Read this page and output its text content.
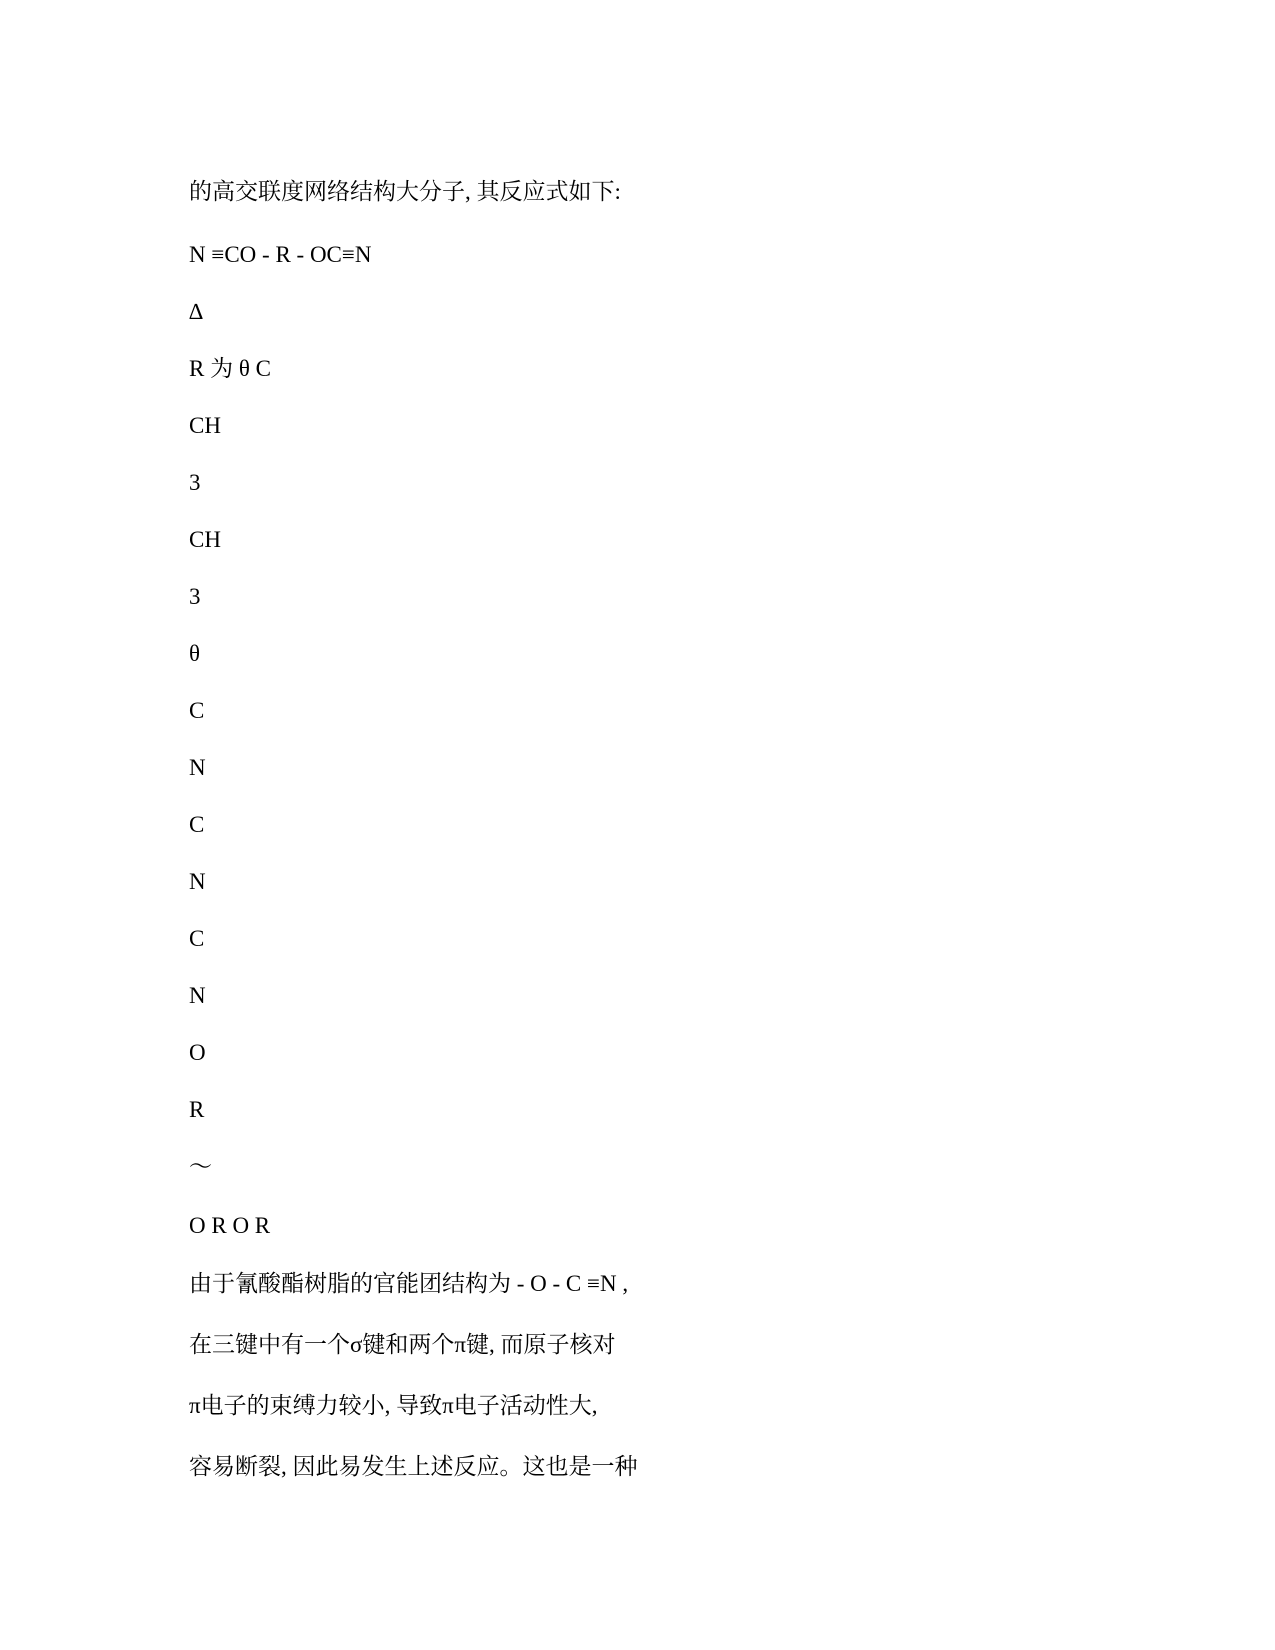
的高交联度网络结构大分子, 其反应式如下:
N ≡CO - R - OC≡N
∆
R 为 θ C
CH
3
CH
3
θ
C
N
C
N
C
N
O
R
～
O R O R
由于氰酸酯树脂的官能团结构为 - O - C ≡N ,
在三键中有一个σ键和两个π键, 而原子核对
π电子的束缚力较小, 导致π电子活动性大,
容易断裂, 因此易发生上述反应。这也是一种
